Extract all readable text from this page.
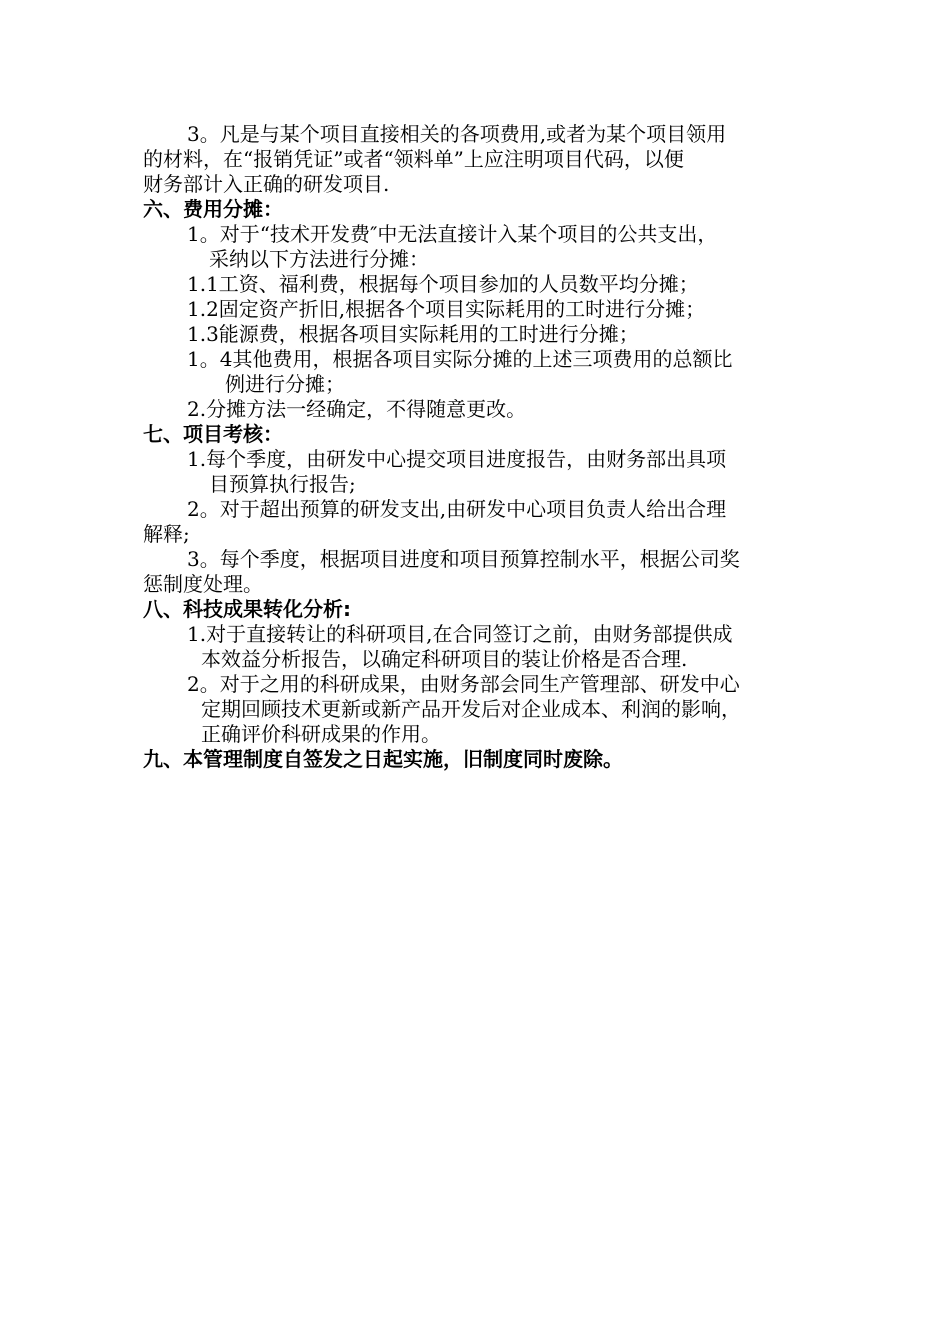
3。凡是与某个项目直接相关的各项费用,或者为某个项目领用
的材料，在“报销凭证”或者“领料单”上应注明项目代码，以便
财务部计入正确的研发项目.

六、费用分摊：

1。对于“技术开发费″中无法直接计入某个项目的公共支出，
采纳以下方法进行分摊：
1.1工资、福利费，根据每个项目参加的人员数平均分摊；
1.2固定资产折旧,根据各个项目实际耗用的工时进行分摊；
1.3能源费，根据各项目实际耗用的工时进行分摊；
1。4其他费用，根据各项目实际分摊的上述三项费用的总额比
例进行分摊；
2.分摊方法一经确定，不得随意更改。

七、项目考核：

1.每个季度，由研发中心提交项目进度报告，由财务部出具项
目预算执行报告;

2。对于超出预算的研发支出,由研发中心项目负责人给出合理
解释;

3。每个季度，根据项目进度和项目预算控制水平，根据公司奖
惩制度处理。

八、科技成果转化分析:

1.对于直接转让的科研项目,在合同签订之前，由财务部提供成
本效益分析报告，以确定科研项目的装让价格是否合理.
2。对于之用的科研成果，由财务部会同生产管理部、研发中心
定期回顾技术更新或新产品开发后对企业成本、利润的影响，
正确评价科研成果的作用。

九、本管理制度自签发之日起实施，旧制度同时废除。
